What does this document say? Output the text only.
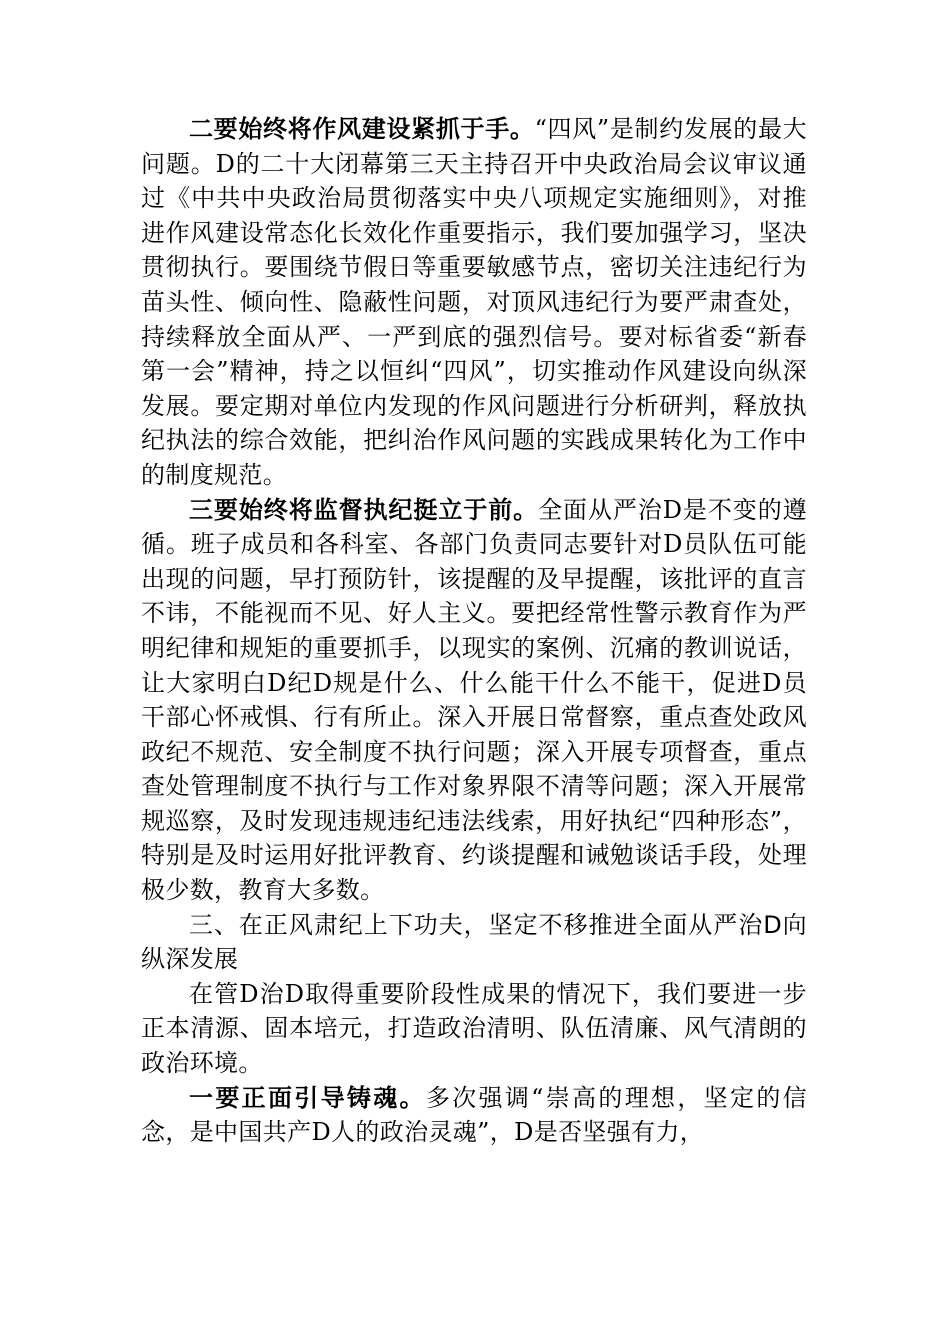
二要始终将作风建设紧抓于手。“四风”是制约发展的最大问题。D的二十大闭幕第三天主持召开中央政治局会议审议通过《中共中央政治局贯彻落实中央八项规定实施细则》，对推进作风建设常态化长效化作重要指示，我们要加强学习，坚决贯彻执行。要围绕节假日等重要敏感节点，密切关注违纪行为苗头性、倾向性、隐蔽性问题，对顶风违纪行为要严肃查处，持续释放全面从严、一严到底的强烈信号。要对标省委“新春第一会”精神，持之以恒纠“四风”，切实推动作风建设向纵深发展。要定期对单位内发现的作风问题进行分析研判，释放执纪执法的综合效能，把纠治作风问题的实践成果转化为工作中的制度规范。

三要始终将监督执纪挺立于前。全面从严治D是不变的遵循。班子成员和各科室、各部门负责同志要针对D员队伍可能出现的问题，早打预防针，该提醒的及早提醒，该批评的直言不讳，不能视而不见、好人主义。要把经常性警示教育作为严明纪律和规矩的重要抓手，以现实的案例、沉痛的教训说话，让大家明白D纪D规是什么、什么能干什么不能干，促进D员干部心怀戒惧、行有所止。深入开展日常督察，重点查处政风政纪不规范、安全制度不执行问题；深入开展专项督查，重点查处管理制度不执行与工作对象界限不清等问题；深入开展常规巡察，及时发现违规违纪违法线索，用好执纪“四种形态”，特别是及时运用好批评教育、约谈提醒和诫勉谈话手段，处理极少数，教育大多数。

三、在正风肃纪上下功夫，坚定不移推进全面从严治D向纵深发展

在管D治D取得重要阶段性成果的情况下，我们要进一步正本清源、固本培元，打造政治清明、队伍清廉、风气清朗的政治环境。

一要正面引导铸魂。多次强调“崇高的理想，坚定的信念，是中国共产D人的政治灵魂”，D是否坚强有力，
